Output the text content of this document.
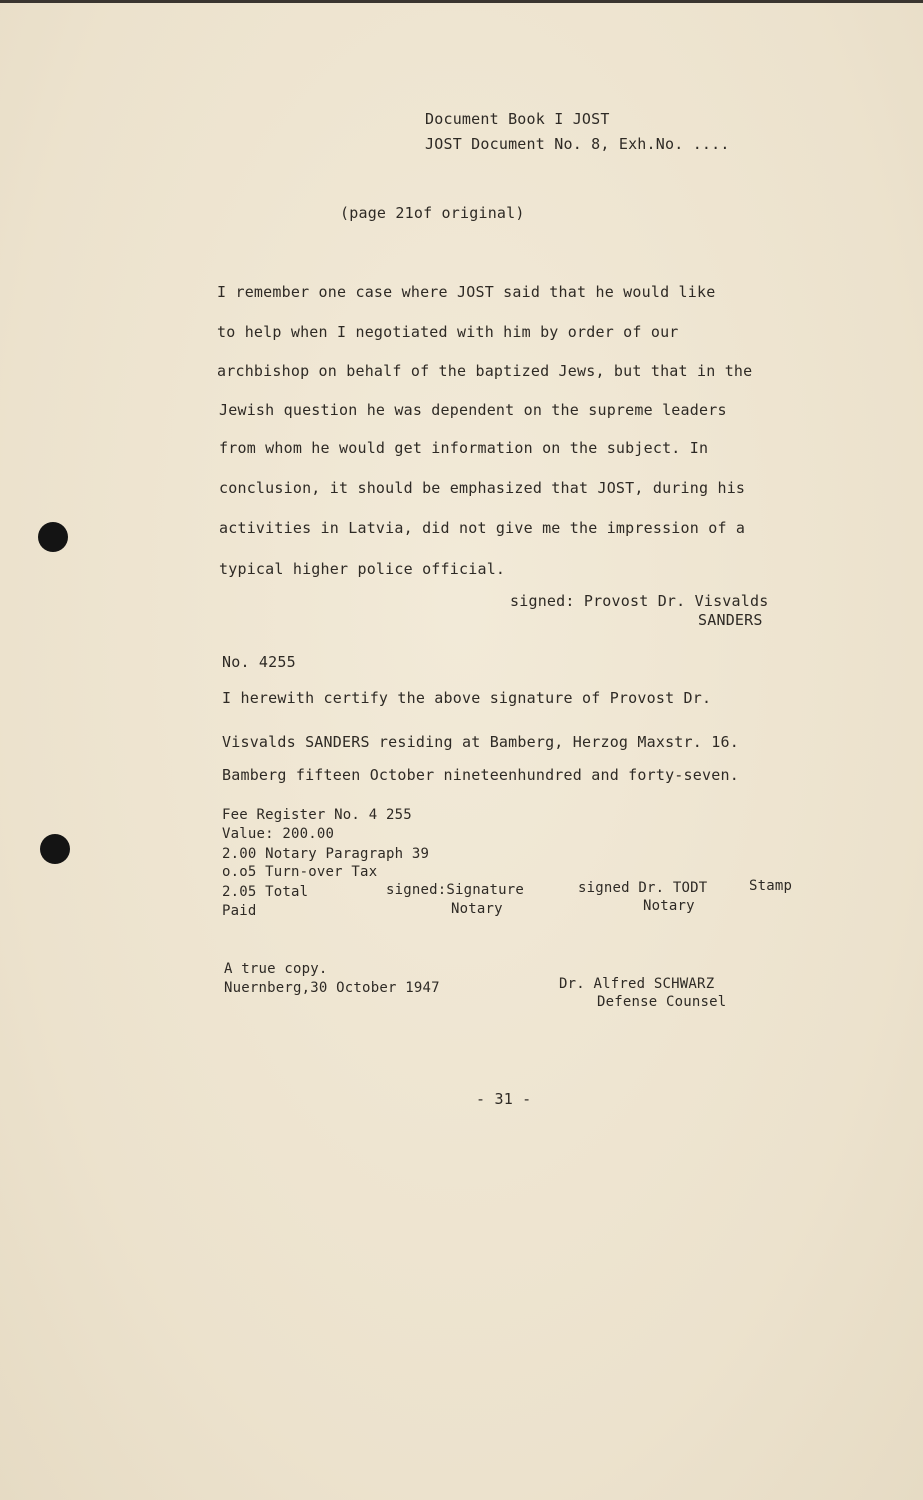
Document Book I JOST
JOST Document No. 8, Exh.No. ....
(page 21of original)
I remember one case where JOST said that he would like
to help when I negotiated with him by order of our
archbishop on behalf of the baptized Jews, but that in the
Jewish question he was dependent on the supreme leaders
from whom he would get information on the subject. In
conclusion, it should be emphasized that JOST, during his
activities in Latvia, did not give me the impression of a
typical higher police official.
signed: Provost Dr. Visvalds
SANDERS
No. 4255
I herewith certify the above signature of Provost Dr.
Visvalds SANDERS residing at Bamberg, Herzog Maxstr. 16.
Bamberg fifteen October nineteenhundred and forty-seven.
Fee Register No. 4 255
Value: 200.00
2.00 Notary Paragraph 39
o.o5 Turn-over Tax
2.05 Total
Paid
signed:Signature
Notary
signed Dr. TODT
Notary
Stamp
A true copy.
Nuernberg,30 October 1947	Dr. Alfred SCHWARZ
Defense Counsel
- 31 -
